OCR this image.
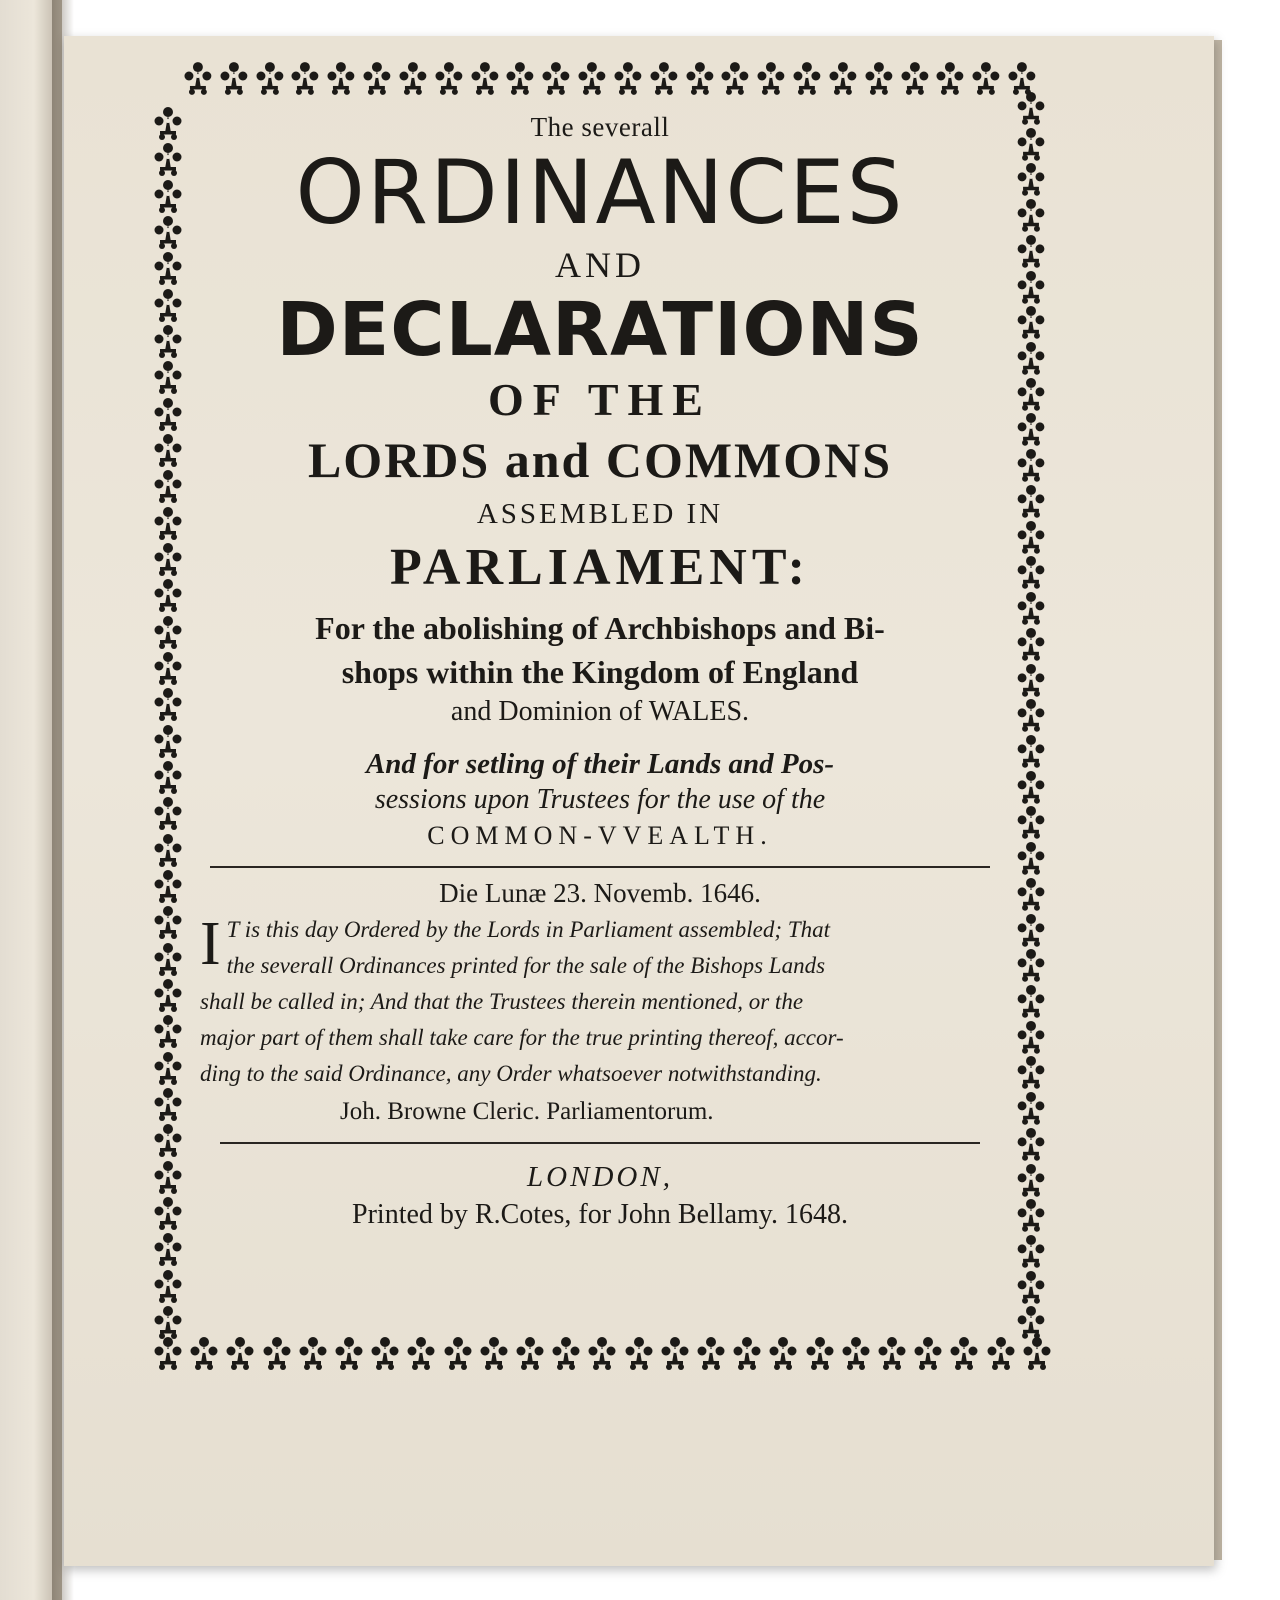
The severall

ORDINANCES

AND

DECLARATIONS

OF THE

LORDS and COMMONS

ASSEMBLED IN

PARLIAMENT:

For the abolishing of Archbishops and Bi-

shops within the Kingdom of England

and Dominion of WALES.

And for setling of their Lands and Pos-

sessions upon Trustees for the use of the

COMMON-VVEALTH.

Die Lunæ 23. Novemb. 1646.

I T is this day Ordered by the Lords in Parliament assembled; That
the severall Ordinances printed for the sale of the Bishops Lands
shall be called in; And that the Trustees therein mentioned, or the
major part of them shall take care for the true printing thereof, accor-
ding to the said Ordinance, any Order whatsoever notwithstanding.

Joh. Browne Cleric. Parliamentorum.

LONDON,

Printed by R.Cotes, for John Bellamy. 1648.
